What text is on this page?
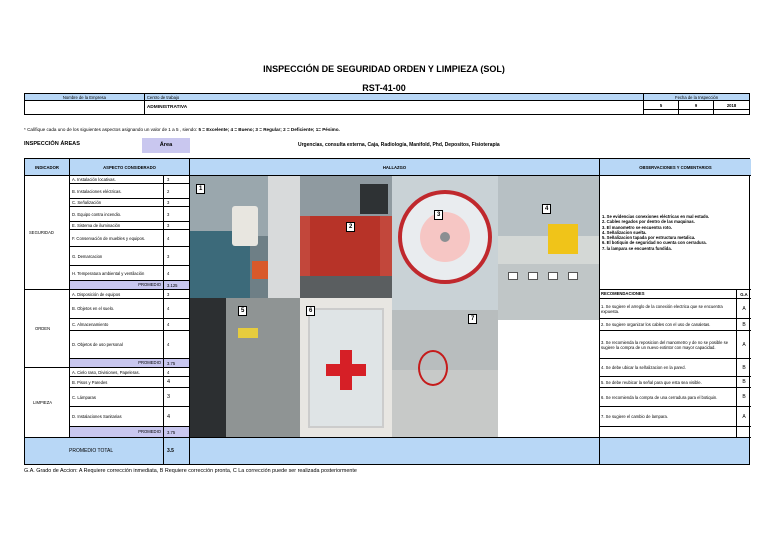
INSPECCIÓN DE SEGURIDAD ORDEN Y LIMPIEZA (SOL)
RST-41-00
Nombre de la Empresa	Centro de trabajo	Fecha de la Inspección		
	ADMINISTRATIVA	5	9	2018

* Calífique cada uno de los siguientes aspectos asignando un valor de 1 a 5 , siendo: 5 = Excelente; 4 = Bueno; 3 = Regular; 2 = Deficiente; 1= Pésimo.
INSPECCIÓN ÁREAS	Área	Urgencias, consulta externa, Caja, Radiología, Manifold, Phd, Depositos, Fisioterapia
INDICADOR	ASPECTO CONSIDERADO	HALLAZGO	OBSERVACIONES Y COMENTARIOS
SEGURIDAD
A. Instalación locativas.	3
B. Instalaciones eléctricas.	2
C. Señalización	3
D. Equipo contra incendio.	3
E. Sistema de iluminación	3
F. Conservación de muebles y equipos.	4
G. Demarcacion	3
H. Temperatura ambiental y ventilación	4
PROMEDIO	3.125
ORDEN
A. Disposición de equipos	3
B. Objetos en el suelo.	4
C. Almacenamiento	4
D. Objetos de uso personal	4
PROMEDIO	3.75
LIMPIEZA
A. Cielo raso, Divisiones, Papeleras.	4
B. Pisos y Paredes	4
C. Lámparas	3
D. Instalaciones Sanitarias	4
PROMEDIO	3.75
1
2
3
4
5	6
7
1. Se evidencias conexiones eléctricas en mal estado.
2. Cables regados por dentro de las maquinas.
3. El manometro se encuentra roto.
4. Señalizacion suelta.
5. Señalizacion tapada por estructura metalica.
6. El botiquin de seguridad no cuenta con cerradura.
7. la lampara se encuentra fundida.
RECOMENDACIONES	G.A
1. Se sugiere el arreglo de la conexión electrica que se encuentra expuesta.	A
2. Se sugiere organizar los cables con el uso de canaletas.	B
3. Se recomienda la reposicion del manometro y de no se posible se sugiere la compra de un nuevo extintor con mayor capacidad.	A
4. Se debe ubicar la señalizacion en la pared.	B
5. Se debe reubicar la señal para que esta sea visible.	B
6. Se recomienda la compra de una cerradura para el botiquin.	B
7. Se sugiere el cambio de lampara.	A
PROMEDIO TOTAL	3.5
G.A. Grado de Accion: A Requiere corrección inmediata, B Requiere corrección pronta, C La corrección puede ser realizada posteriormente
